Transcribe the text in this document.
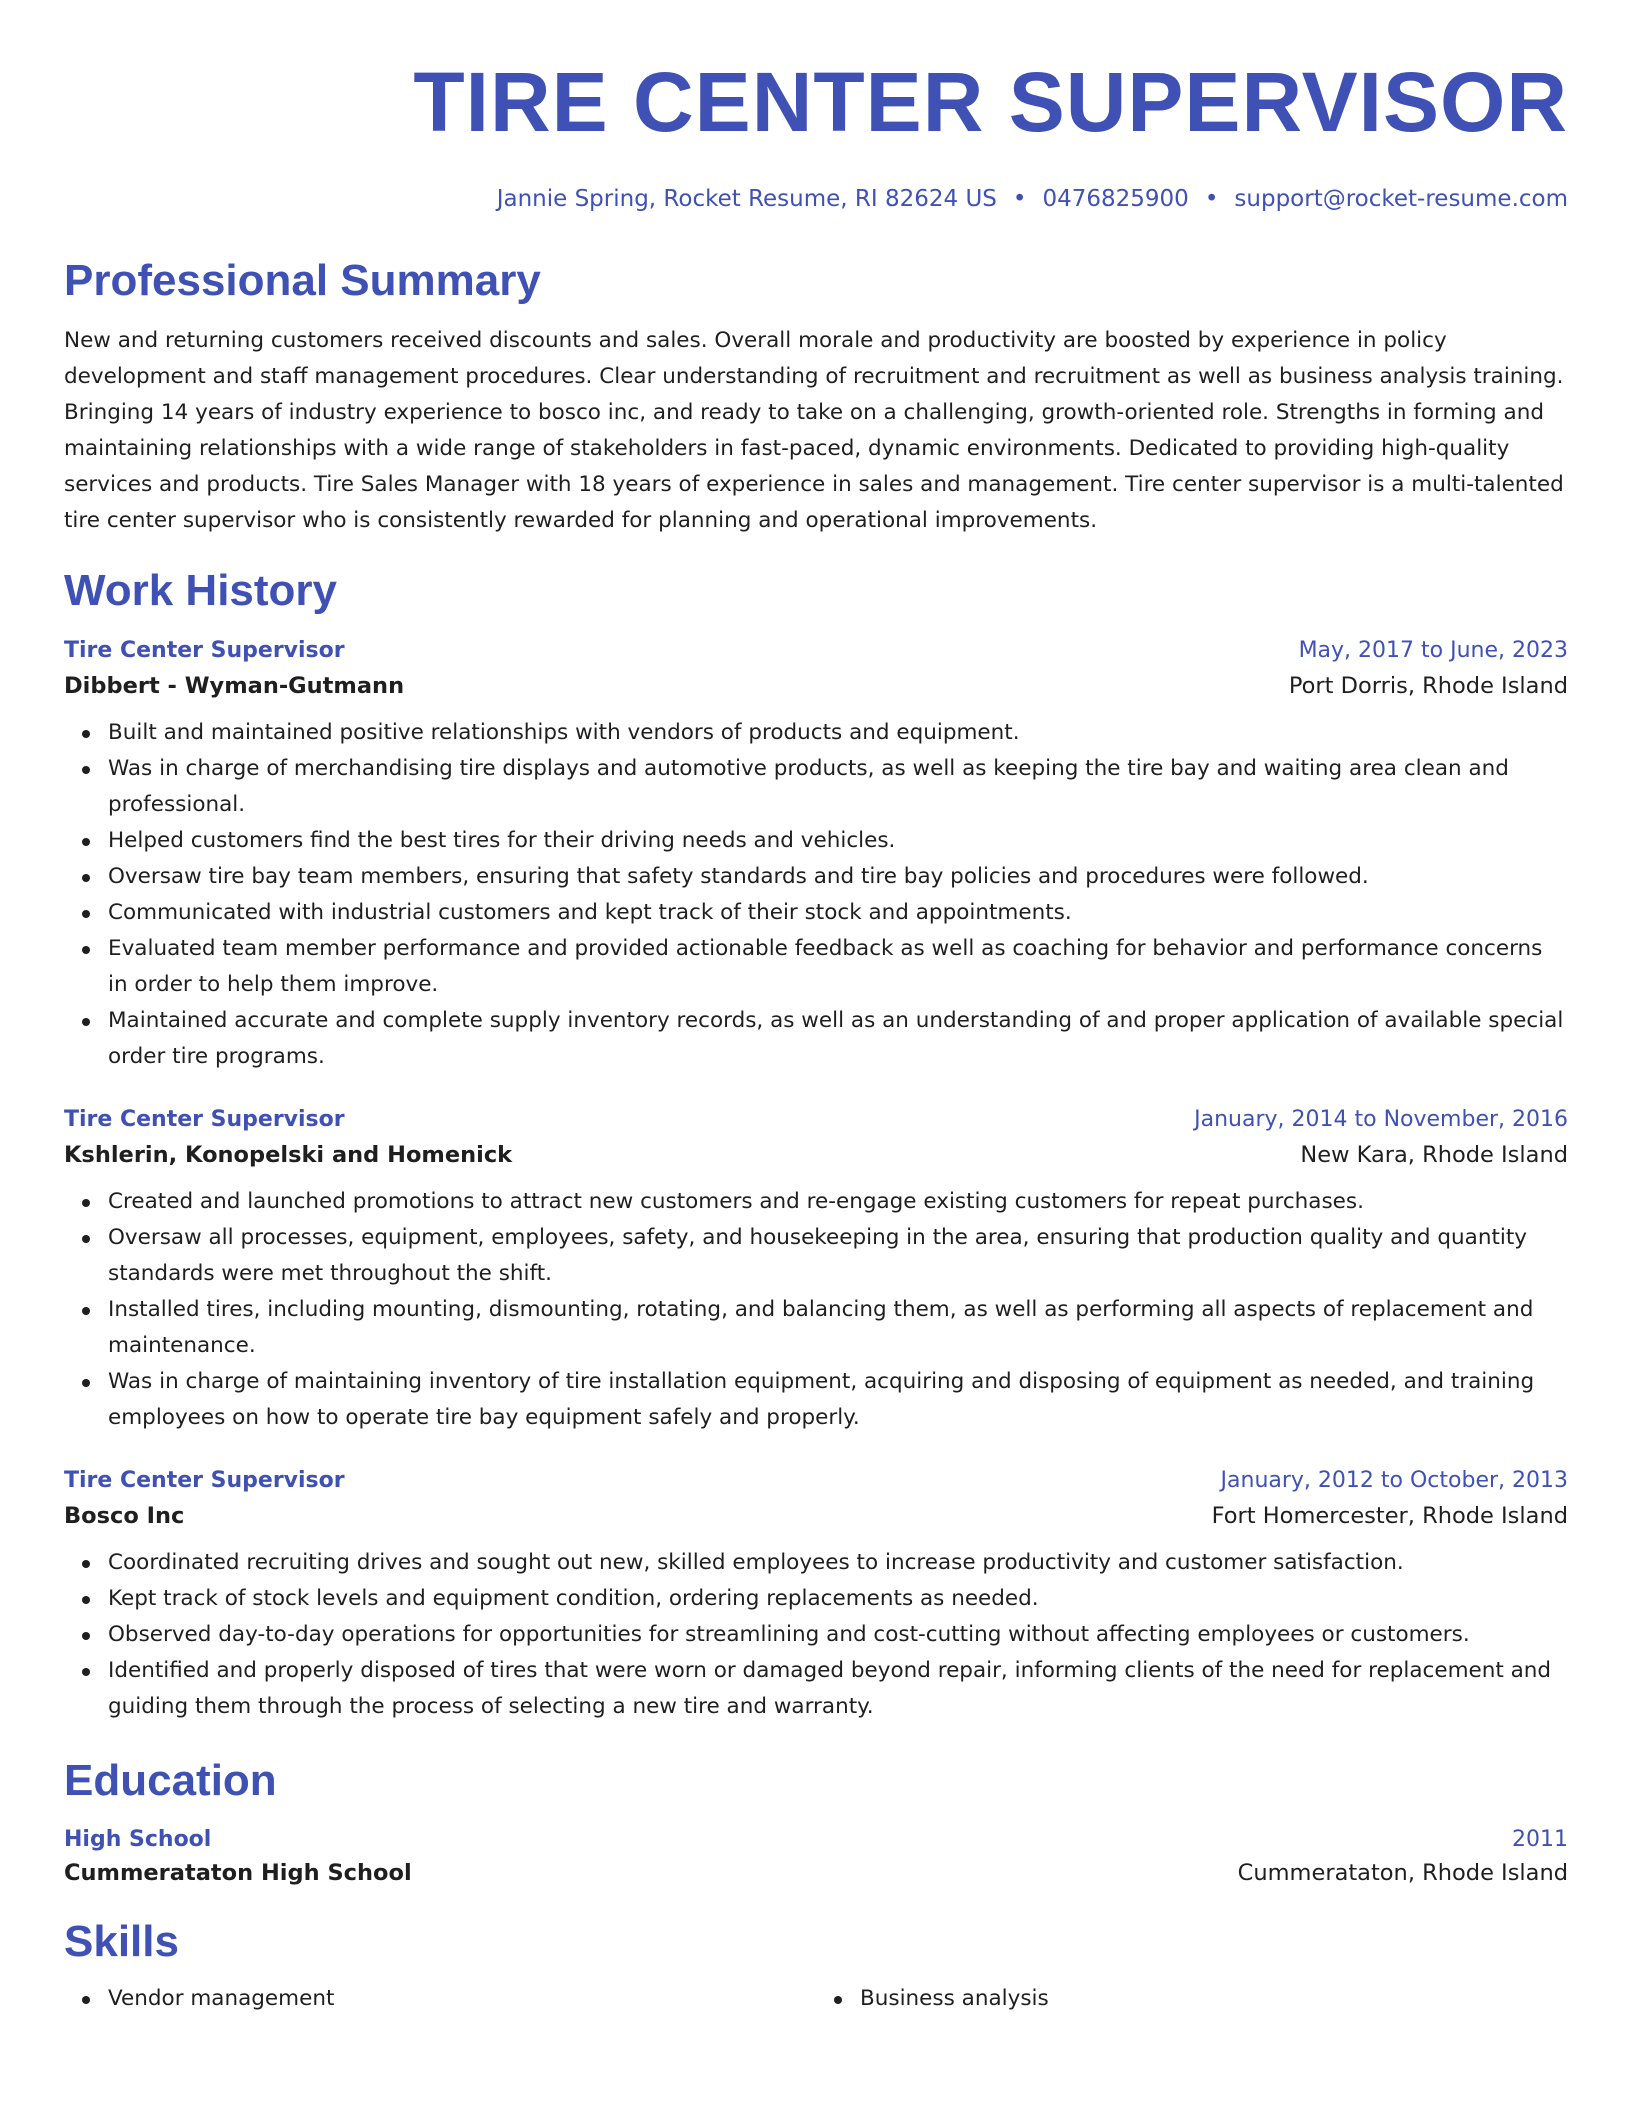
TIRE CENTER SUPERVISOR
Jannie Spring, Rocket Resume, RI 82624 US • 0476825900 • support@rocket-resume.com
Professional Summary
New and returning customers received discounts and sales. Overall morale and productivity are boosted by experience in policy development and staff management procedures. Clear understanding of recruitment and recruitment as well as business analysis training. Bringing 14 years of industry experience to bosco inc, and ready to take on a challenging, growth-oriented role. Strengths in forming and maintaining relationships with a wide range of stakeholders in fast-paced, dynamic environments. Dedicated to providing high-quality services and products. Tire Sales Manager with 18 years of experience in sales and management. Tire center supervisor is a multi-talented tire center supervisor who is consistently rewarded for planning and operational improvements.
Work History
Tire Center Supervisor	May, 2017 to June, 2023
Dibbert - Wyman-Gutmann	Port Dorris, Rhode Island
Built and maintained positive relationships with vendors of products and equipment.
Was in charge of merchandising tire displays and automotive products, as well as keeping the tire bay and waiting area clean and professional.
Helped customers find the best tires for their driving needs and vehicles.
Oversaw tire bay team members, ensuring that safety standards and tire bay policies and procedures were followed.
Communicated with industrial customers and kept track of their stock and appointments.
Evaluated team member performance and provided actionable feedback as well as coaching for behavior and performance concerns in order to help them improve.
Maintained accurate and complete supply inventory records, as well as an understanding of and proper application of available special order tire programs.
Tire Center Supervisor	January, 2014 to November, 2016
Kshlerin, Konopelski and Homenick	New Kara, Rhode Island
Created and launched promotions to attract new customers and re-engage existing customers for repeat purchases.
Oversaw all processes, equipment, employees, safety, and housekeeping in the area, ensuring that production quality and quantity standards were met throughout the shift.
Installed tires, including mounting, dismounting, rotating, and balancing them, as well as performing all aspects of replacement and maintenance.
Was in charge of maintaining inventory of tire installation equipment, acquiring and disposing of equipment as needed, and training employees on how to operate tire bay equipment safely and properly.
Tire Center Supervisor	January, 2012 to October, 2013
Bosco Inc	Fort Homercester, Rhode Island
Coordinated recruiting drives and sought out new, skilled employees to increase productivity and customer satisfaction.
Kept track of stock levels and equipment condition, ordering replacements as needed.
Observed day-to-day operations for opportunities for streamlining and cost-cutting without affecting employees or customers.
Identified and properly disposed of tires that were worn or damaged beyond repair, informing clients of the need for replacement and guiding them through the process of selecting a new tire and warranty.
Education
High School	2011
Cummeratаton High School	Cummeratаton, Rhode Island
Skills
Vendor management	Business analysis
